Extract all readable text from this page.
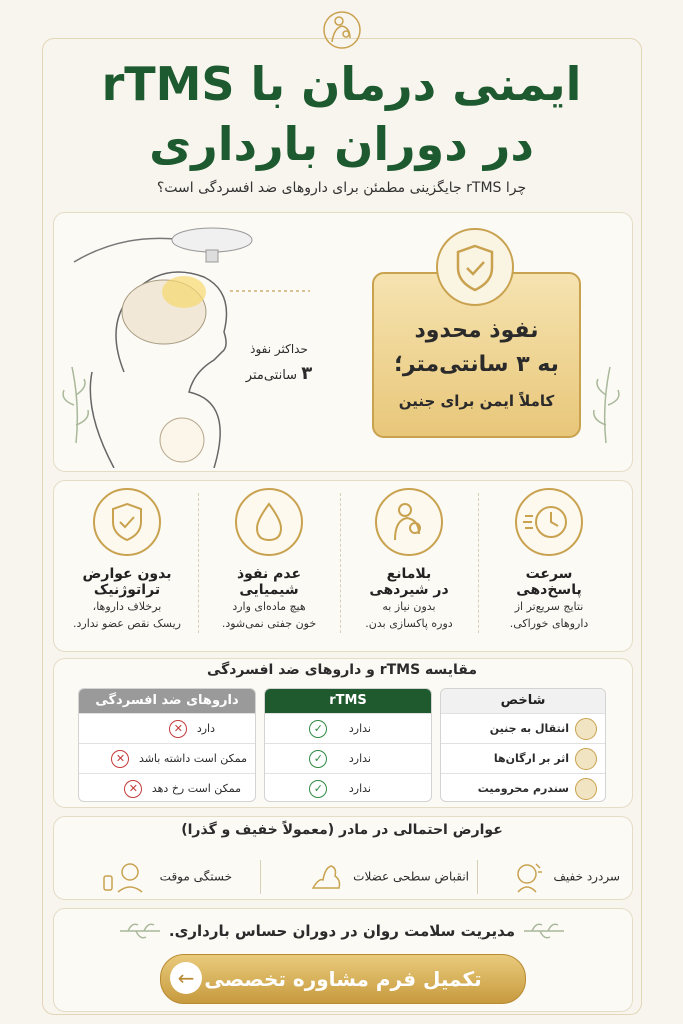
ایمنی درمان با rTMS
در دوران بارداری
چرا rTMS جایگزینی مطمئن برای داروهای ضد افسردگی است؟
حداکثر نفوذ
۳ سانتی‌متر
نفوذ محدود
به ۳ سانتی‌متر؛
کاملاً ایمن برای جنین
بدون عوارض
تراتوژنیک
برخلاف داروها،
ریسک نقص عضو ندارد.
عدم نفوذ
شیمیایی
هیچ ماده‌ای وارد
خون جفتی نمی‌شود.
بلامانع
در شیردهی
بدون نیاز به
دوره پاکسازی بدن.
سرعت
پاسخ‌دهی
نتایج سریع‌تر از
داروهای خوراکی.
مقایسه rTMS و داروهای ضد افسردگی
شاخص
انتقال به جنین
اثر بر ارگان‌ها
سندرم محرومیت
rTMS
ندارد ✓
ندارد ✓
ندارد ✓
داروهای ضد افسردگی
دارد ✕
ممکن است داشته باشد ✕
ممکن است رخ دهد ✕
عوارض احتمالی در مادر (معمولاً خفیف و گذرا)
سردرد خفیف
انقباض سطحی عضلات
خستگی موقت
مدیریت سلامت روان در دوران حساس بارداری.
تکمیل فرم مشاوره تخصصی
←
